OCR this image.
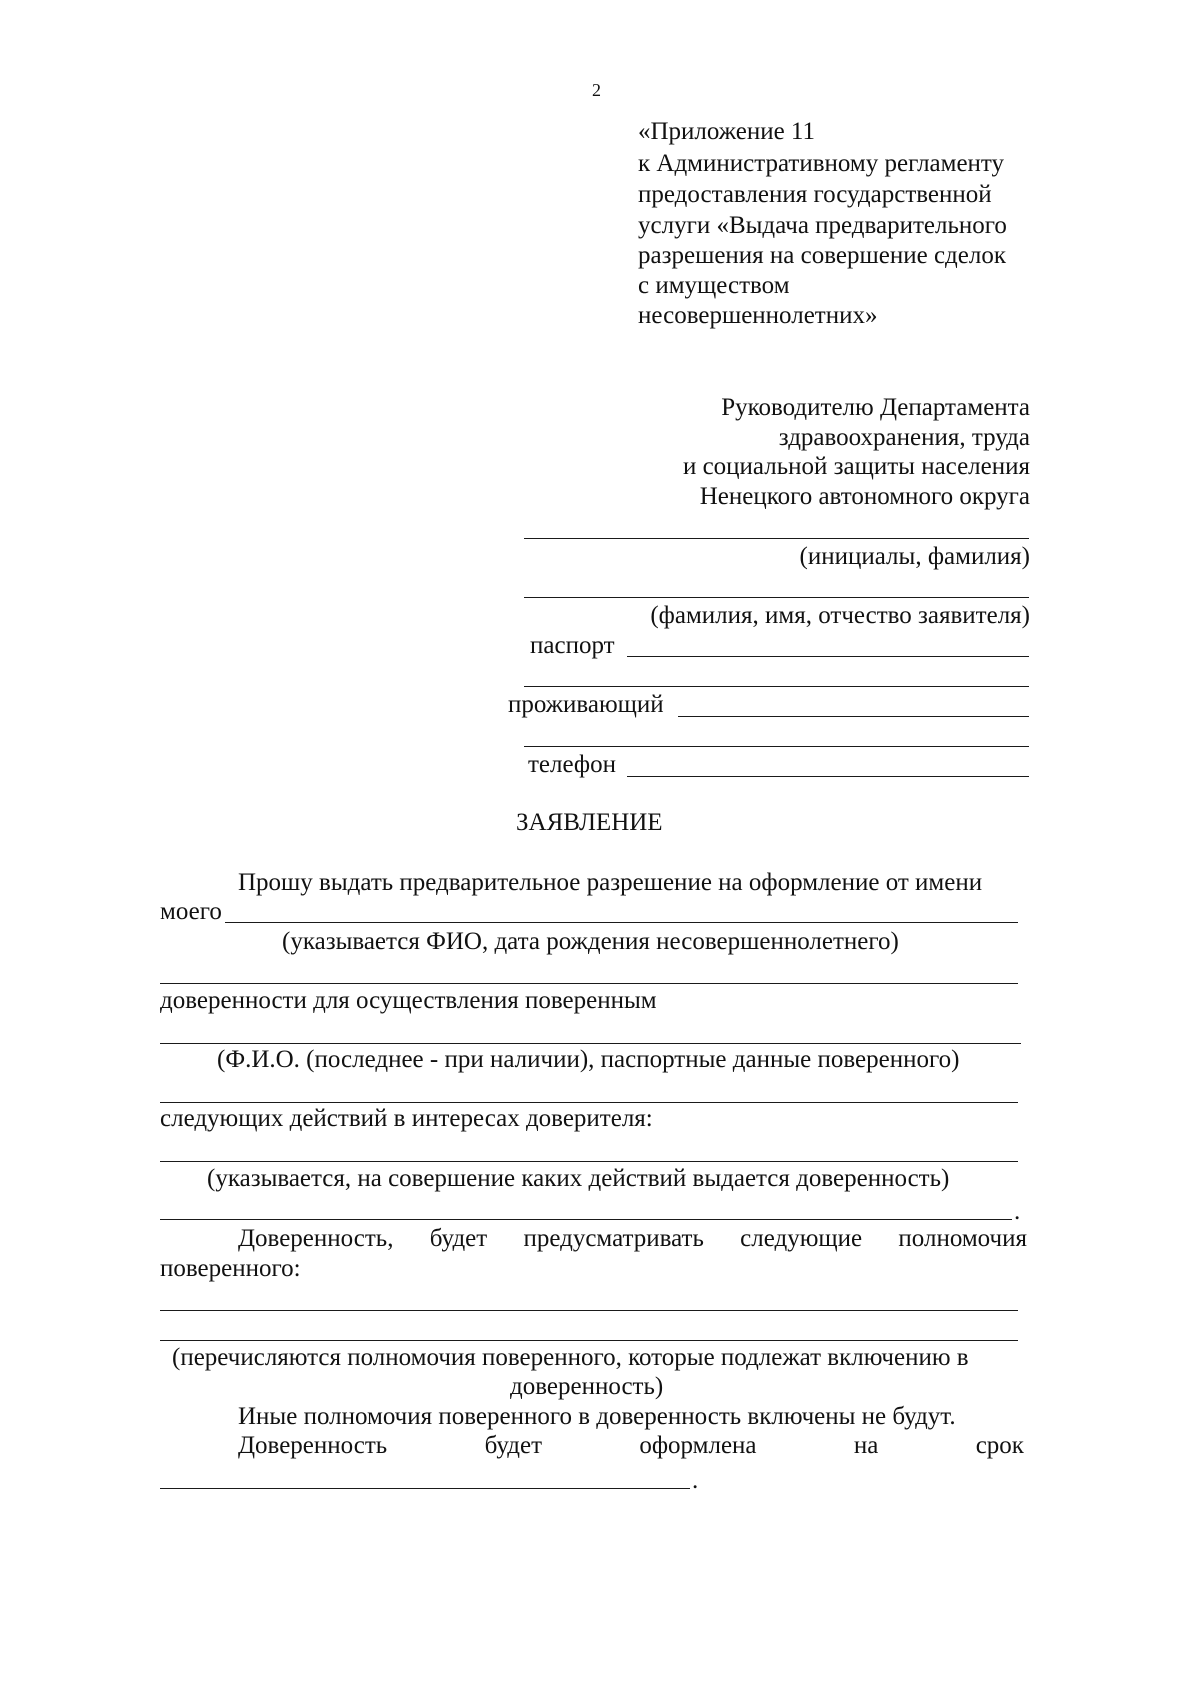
2
«Приложение 11
к Административному регламенту
предоставления государственной
услуги «Выдача предварительного
разрешения на совершение сделок
с имуществом
несовершеннолетних»
Руководителю Департамента
здравоохранения, труда
и социальной защиты населения
Ненецкого автономного округа
(инициалы, фамилия)
(фамилия, имя, отчество заявителя)
паспорт
проживающий
телефон
ЗАЯВЛЕНИЕ
Прошу выдать предварительное разрешение на оформление от имени
моего
(указывается ФИО, дата рождения несовершеннолетнего)
доверенности для осуществления поверенным
(Ф.И.О. (последнее - при наличии), паспортные данные поверенного)
следующих действий в интересах доверителя:
(указывается, на совершение каких действий выдается доверенность)
.
Доверенность, будет предусматривать следующие полномочия
поверенного:
(перечисляются полномочия поверенного, которые подлежат включению в
доверенность)
Иные полномочия поверенного в доверенность включены не будут.
Доверенность	будет	оформлена	на	срок
.
